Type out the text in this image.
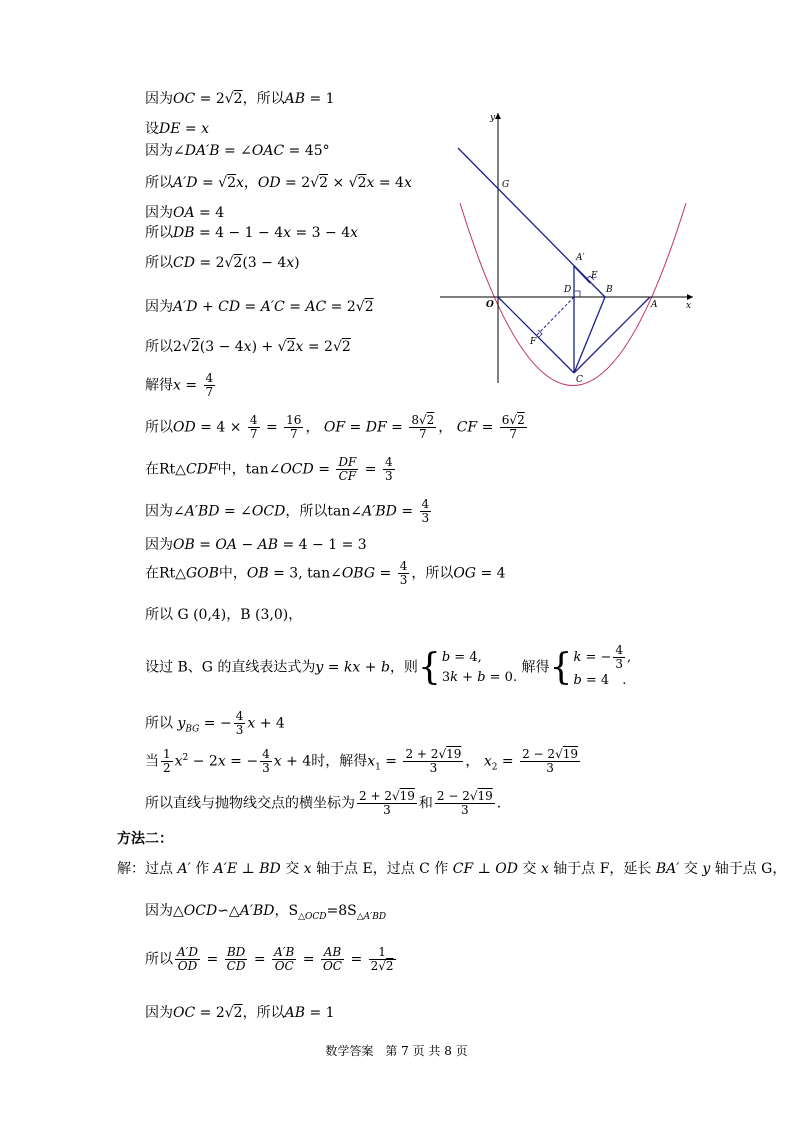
因为OC = 2√2，所以AB = 1
设DE = x
因为∠DA′B = ∠OAC = 45°
所以A′D = √2x，OD = 2√2 × √2x = 4x
因为OA = 4
所以DB = 4 − 1 − 4x = 3 − 4x
所以CD = 2√2(3 − 4x)
因为A′D + CD = A′C = AC = 2√2
所以2√2(3 − 4x) + √2x = 2√2
解得$x = \frac{4}{7}$
所以OD = $4 \times \frac{4}{7} = \frac{16}{7}$ ， OF = DF = $\frac{8√2}{7}$ ， CF = $\frac{6√2}{7}$
在Rt△CDF中，tan∠OCD = $\frac{DF}{CF} = \frac{4}{3}$
因为∠A′BD = ∠OCD，所以tan∠A′BD = $\frac{4}{3}$
因为OB = OA − AB = 4 − 1 = 3
在Rt△GOB中，OB = 3, tan∠OBG = $\frac{4}{3}$ ，所以OG = 4
所以 G (0,4)，B (3,0)，
设过 B、G 的直线表达式为y = kx + b，则{b = 4,
3k + b = 0. 解得{k = − $\frac{4}{3}$ ,
b = 4　.
所以 $y_{BG}$ = − $\frac{4}{3}$ x + 4
当 $\frac{1}{2} x^2 - 2x$ = − $\frac{4}{3}$ x + 4时，解得$x_1 = \frac{2 + 2√19}{3}$ ， $x_2 = \frac{2 - 2√19}{3}$
所以直线与抛物线交点的横坐标为 $\frac{2 + 2√19}{3}$ 和 $\frac{2 - 2√19}{3}$ .
方法二：
解：过点 A′ 作 A′E ⊥ BD 交 x 轴于点 E，过点 C 作 CF ⊥ OD 交 x 轴于点 F，延长 BA′ 交 y 轴于点 G，
因为△OCD∽△A′BD，$S_{\triangle OCD}=8S_{\triangle A'BD}$
所以 $\frac{A'D}{OD} = \frac{BD}{CD} = \frac{A'B}{OC} = \frac{AB}{OC} = \frac{1}{2√2}$
因为OC = 2√2，所以AB = 1
y
x
O
G
A′
E
D	B
A
F
C
数学答案　第 7 页 共 8 页
